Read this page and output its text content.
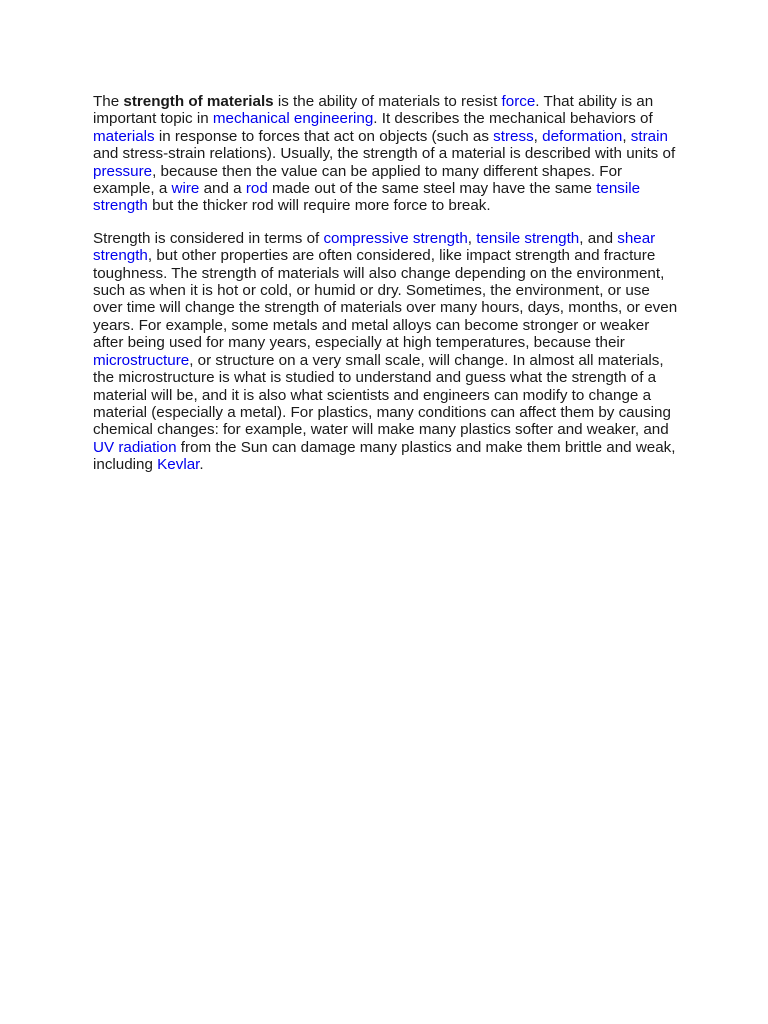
The strength of materials is the ability of materials to resist force. That ability is an important topic in mechanical engineering. It describes the mechanical behaviors of materials in response to forces that act on objects (such as stress, deformation, strain and stress-strain relations). Usually, the strength of a material is described with units of pressure, because then the value can be applied to many different shapes. For example, a wire and a rod made out of the same steel may have the same tensile strength but the thicker rod will require more force to break.

Strength is considered in terms of compressive strength, tensile strength, and shear strength, but other properties are often considered, like impact strength and fracture toughness. The strength of materials will also change depending on the environment, such as when it is hot or cold, or humid or dry. Sometimes, the environment, or use over time will change the strength of materials over many hours, days, months, or even years. For example, some metals and metal alloys can become stronger or weaker after being used for many years, especially at high temperatures, because their microstructure, or structure on a very small scale, will change. In almost all materials, the microstructure is what is studied to understand and guess what the strength of a material will be, and it is also what scientists and engineers can modify to change a material (especially a metal). For plastics, many conditions can affect them by causing chemical changes: for example, water will make many plastics softer and weaker, and UV radiation from the Sun can damage many plastics and make them brittle and weak, including Kevlar.
